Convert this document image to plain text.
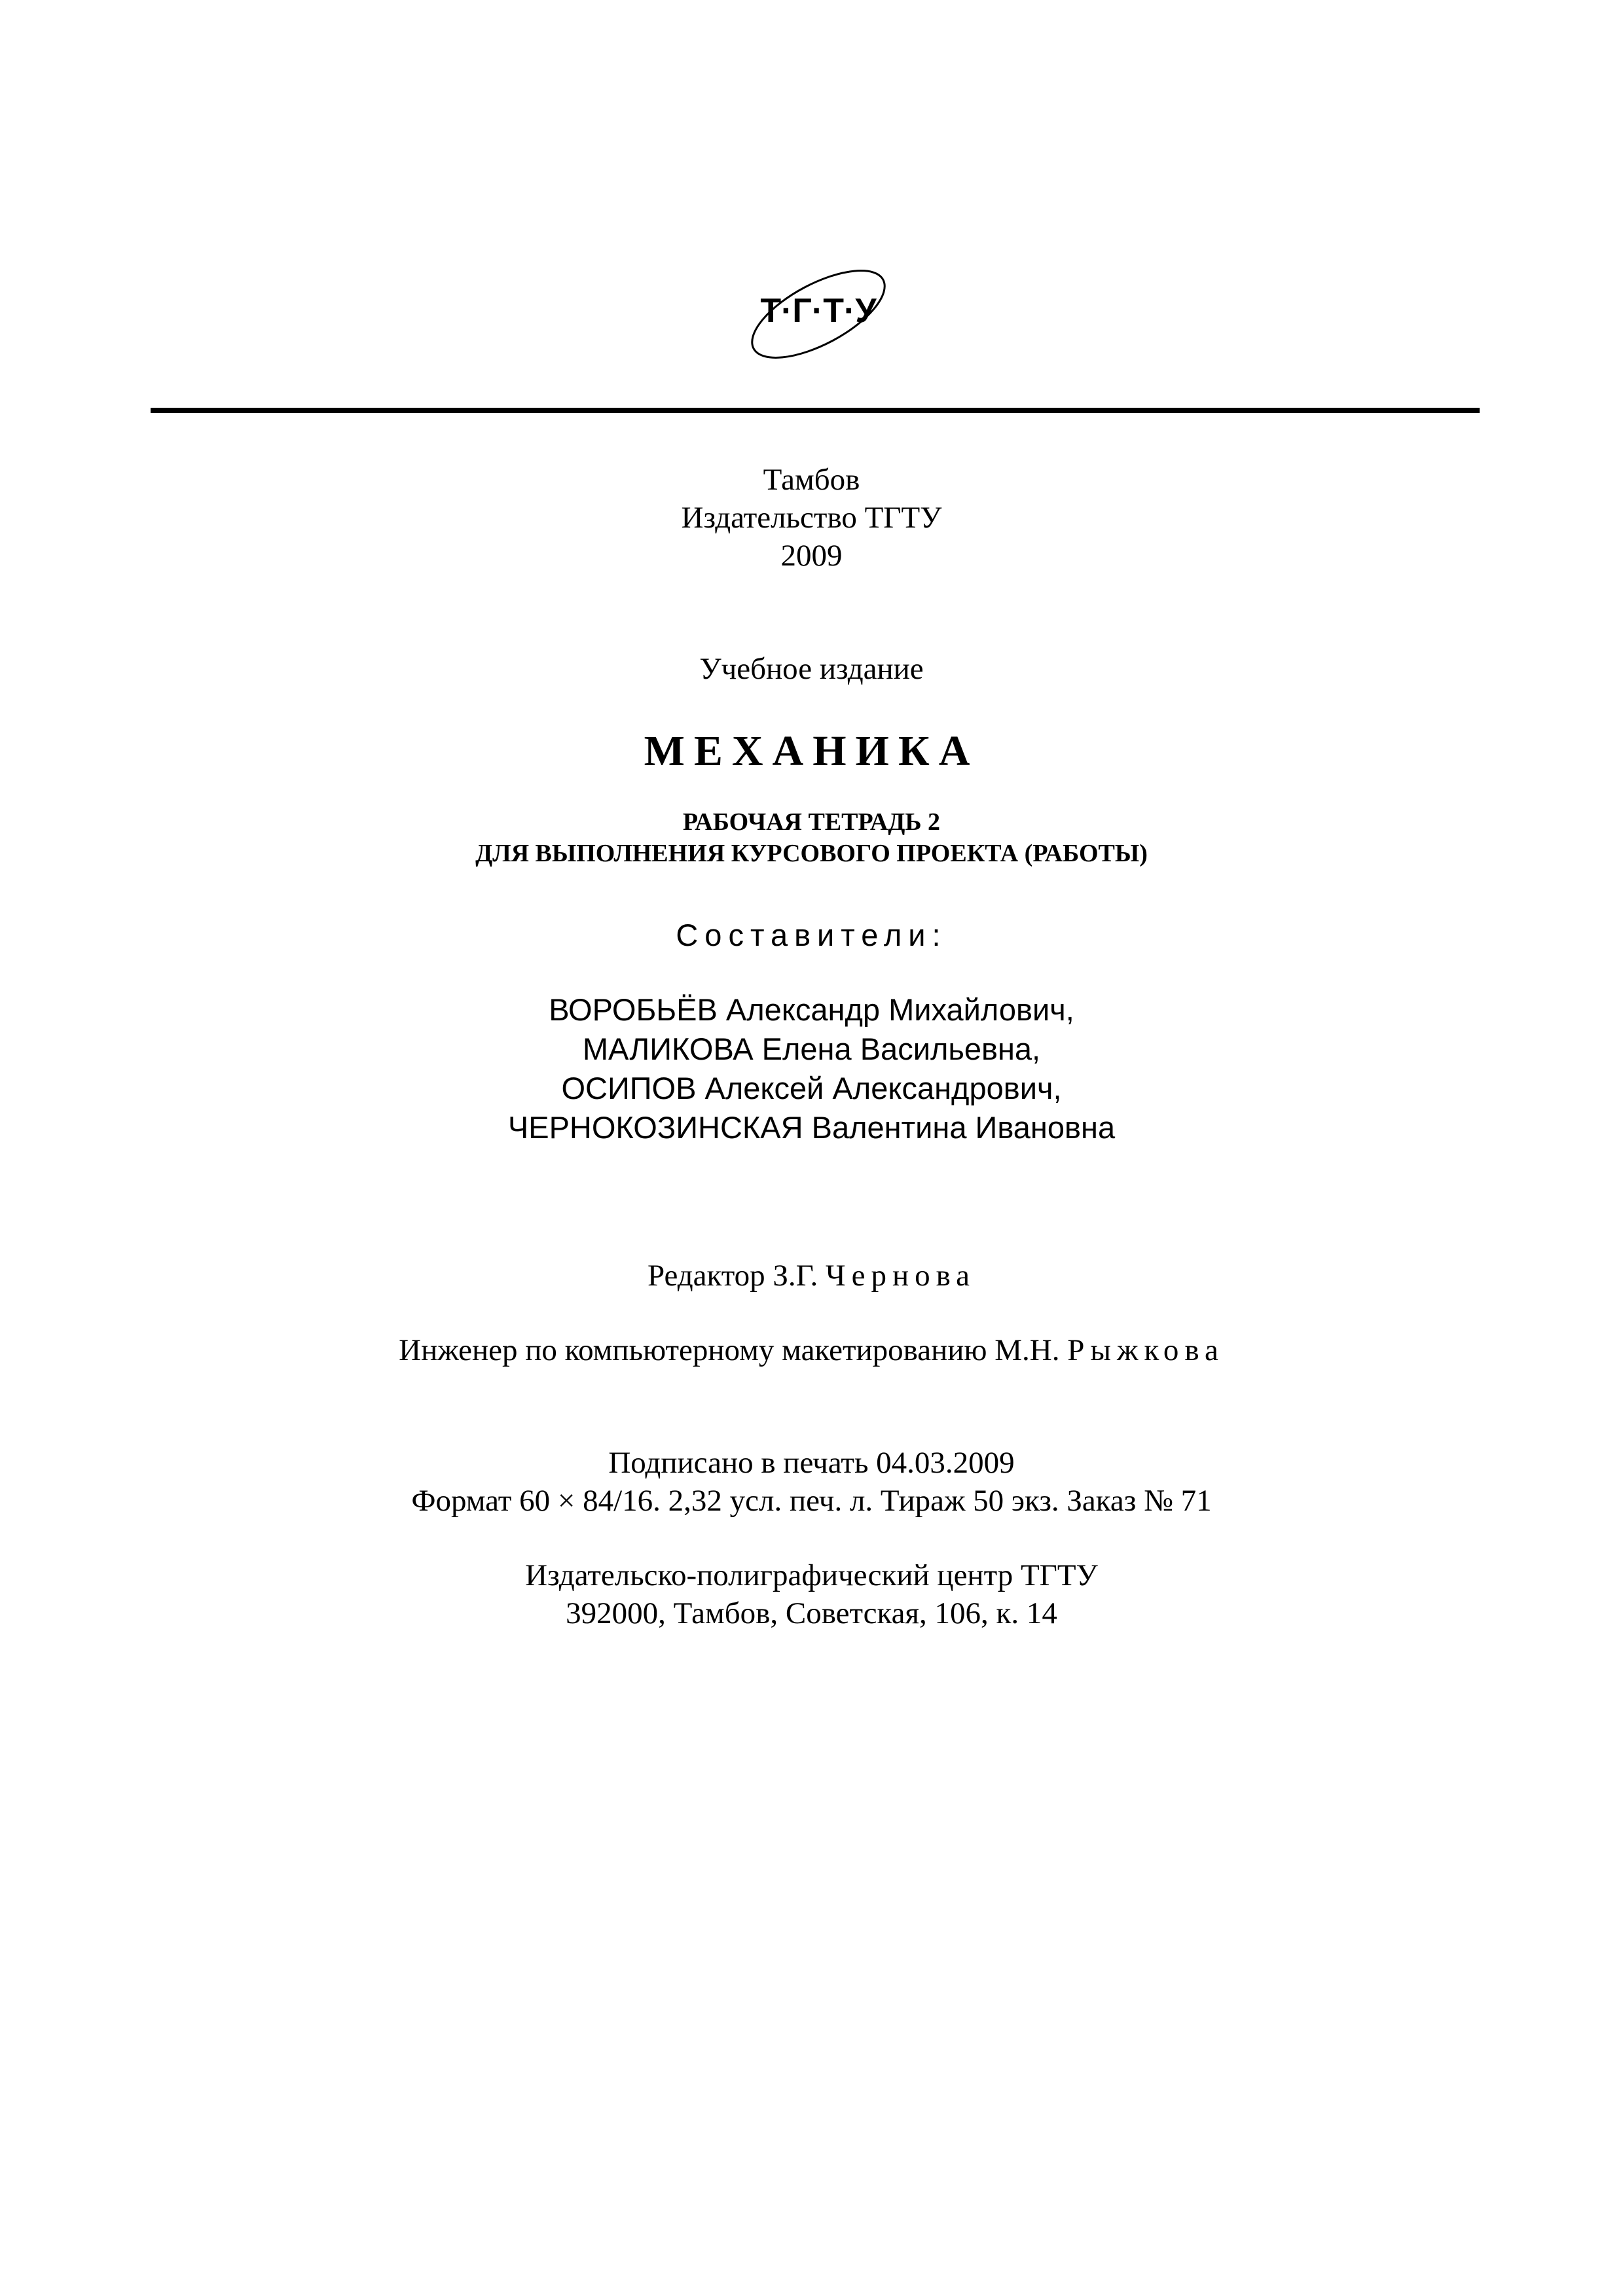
Т·Г·Т·У
Тамбов
Издательство ТГТУ
2009
Учебное издание
МЕХАНИКА
РАБОЧАЯ ТЕТРАДЬ 2
ДЛЯ ВЫПОЛНЕНИЯ КУРСОВОГО ПРОЕКТА (РАБОТЫ)
Составители:
ВОРОБЬЁВ Александр Михайлович,
МАЛИКОВА Елена Васильевна,
ОСИПОВ Алексей Александрович,
ЧЕРНОКОЗИНСКАЯ Валентина Ивановна
Редактор З.Г. Чернова
Инженер по компьютерному макетированию М.Н. Рыжкова
Подписано в печать 04.03.2009
Формат 60 × 84/16. 2,32 усл. печ. л. Тираж 50 экз. Заказ № 71
Издательско-полиграфический центр ТГТУ
392000, Тамбов, Советская, 106, к. 14
